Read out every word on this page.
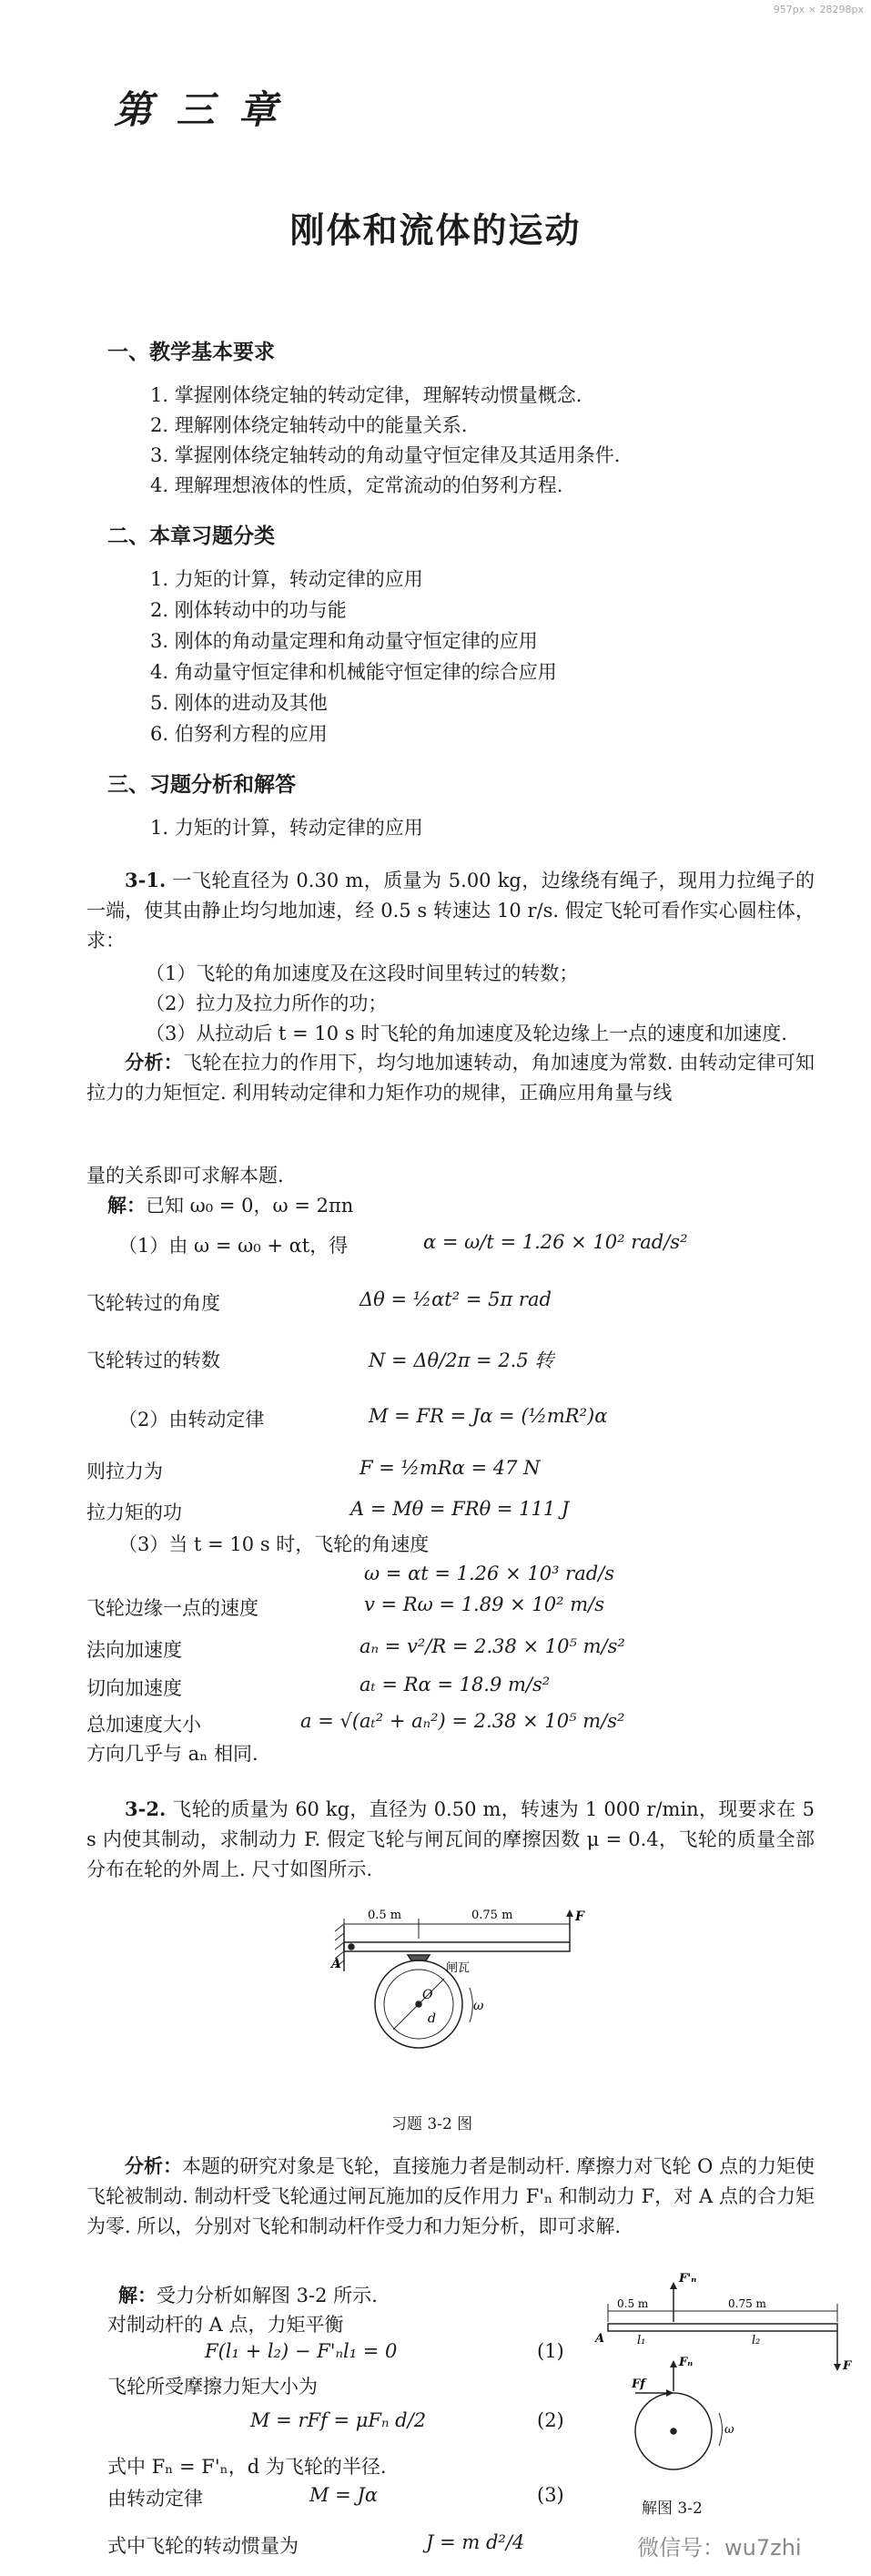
957px × 28298px
第 三 章
刚体和流体的运动
一、教学基本要求
1. 掌握刚体绕定轴的转动定律，理解转动惯量概念.
2. 理解刚体绕定轴转动中的能量关系.
3. 掌握刚体绕定轴转动的角动量守恒定律及其适用条件.
4. 理解理想液体的性质，定常流动的伯努利方程.
二、本章习题分类
1. 力矩的计算，转动定律的应用
2. 刚体转动中的功与能
3. 刚体的角动量定理和角动量守恒定律的应用
4. 角动量守恒定律和机械能守恒定律的综合应用
5. 刚体的进动及其他
6. 伯努利方程的应用
三、习题分析和解答
1. 力矩的计算，转动定律的应用
3-1. 一飞轮直径为 0.30 m，质量为 5.00 kg，边缘绕有绳子，现用力拉绳子的一端，使其由静止均匀地加速，经 0.5 s 转速达 10 r/s. 假定飞轮可看作实心圆柱体，求：
（1）飞轮的角加速度及在这段时间里转过的转数；
（2）拉力及拉力所作的功；
（3）从拉动后 t = 10 s 时飞轮的角加速度及轮边缘上一点的速度和加速度.
分析：飞轮在拉力的作用下，均匀地加速转动，角加速度为常数. 由转动定律可知拉力的力矩恒定. 利用转动定律和力矩作功的规律，正确应用角量与线
量的关系即可求解本题.
解：已知 ω₀ = 0，ω = 2πn
（1）由 ω = ω₀ + αt，得	α = ω/t = 1.26 × 10² rad/s²
飞轮转过的角度	Δθ = ½αt² = 5π rad
飞轮转过的转数	N = Δθ/2π = 2.5 转
（2）由转动定律	M = FR = Jα = (½mR²)α
则拉力为	F = ½mRα = 47 N
拉力矩的功	A = Mθ = FRθ = 111 J
（3）当 t = 10 s 时，飞轮的角速度
ω = αt = 1.26 × 10³ rad/s
飞轮边缘一点的速度	v = Rω = 1.89 × 10² m/s
法向加速度	aₙ = v²/R = 2.38 × 10⁵ m/s²
切向加速度	aₜ = Rα = 18.9 m/s²
总加速度大小	a = √(aₜ² + aₙ²) = 2.38 × 10⁵ m/s²
方向几乎与 aₙ 相同.
3-2. 飞轮的质量为 60 kg，直径为 0.50 m，转速为 1 000 r/min，现要求在 5 s 内使其制动，求制动力 F. 假定飞轮与闸瓦间的摩擦因数 μ = 0.4，飞轮的质量全部分布在轮的外周上. 尺寸如图所示.
0.5 m	0.75 m	F
A	闸瓦
O
d
ω
习题 3-2 图
分析：本题的研究对象是飞轮，直接施力者是制动杆. 摩擦力对飞轮 O 点的力矩使飞轮被制动. 制动杆受飞轮通过闸瓦施加的反作用力 F'ₙ 和制动力 F，对 A 点的合力矩为零. 所以，分别对飞轮和制动杆作受力和力矩分析，即可求解.
解：受力分析如解图 3-2 所示.
对制动杆的 A 点，力矩平衡
F(l₁ + l₂) − F'ₙl₁ = 0	(1)
飞轮所受摩擦力矩大小为
M = rFf = μFₙ d/2	(2)
式中 Fₙ = F'ₙ，d 为飞轮的半径.
由转动定律	M = Jα	(3)
式中飞轮的转动惯量为	J = m d²/4
F'ₙ
0.5 m	0.75 m
A	l₁	l₂
Fₙ
Ff
F
ω
解图 3-2
微信号：wu7zhi
